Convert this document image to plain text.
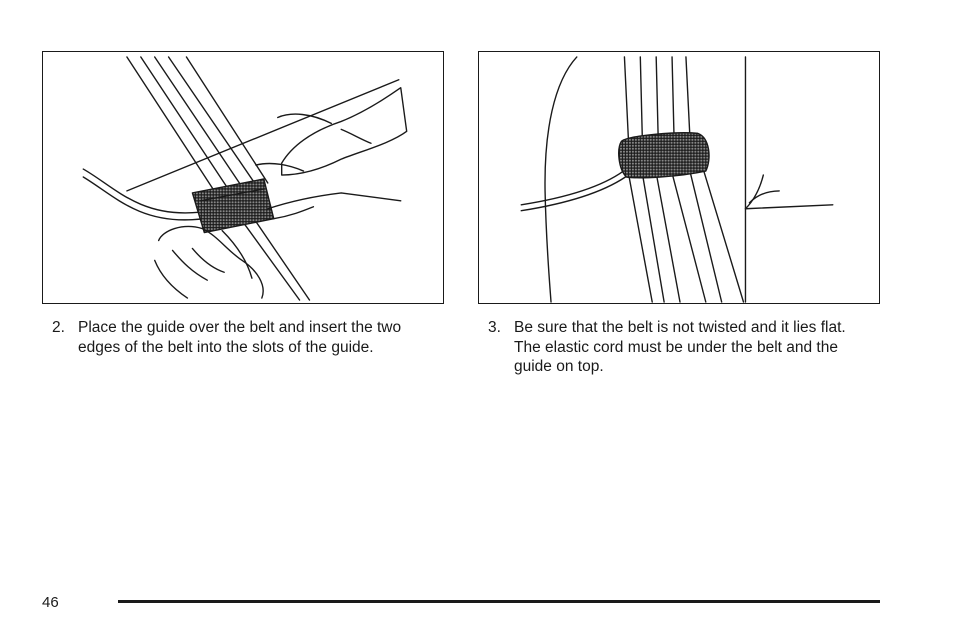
2. Place the guide over the belt and insert the two edges of the belt into the slots of the guide.
3. Be sure that the belt is not twisted and it lies flat. The elastic cord must be under the belt and the guide on top.
46
